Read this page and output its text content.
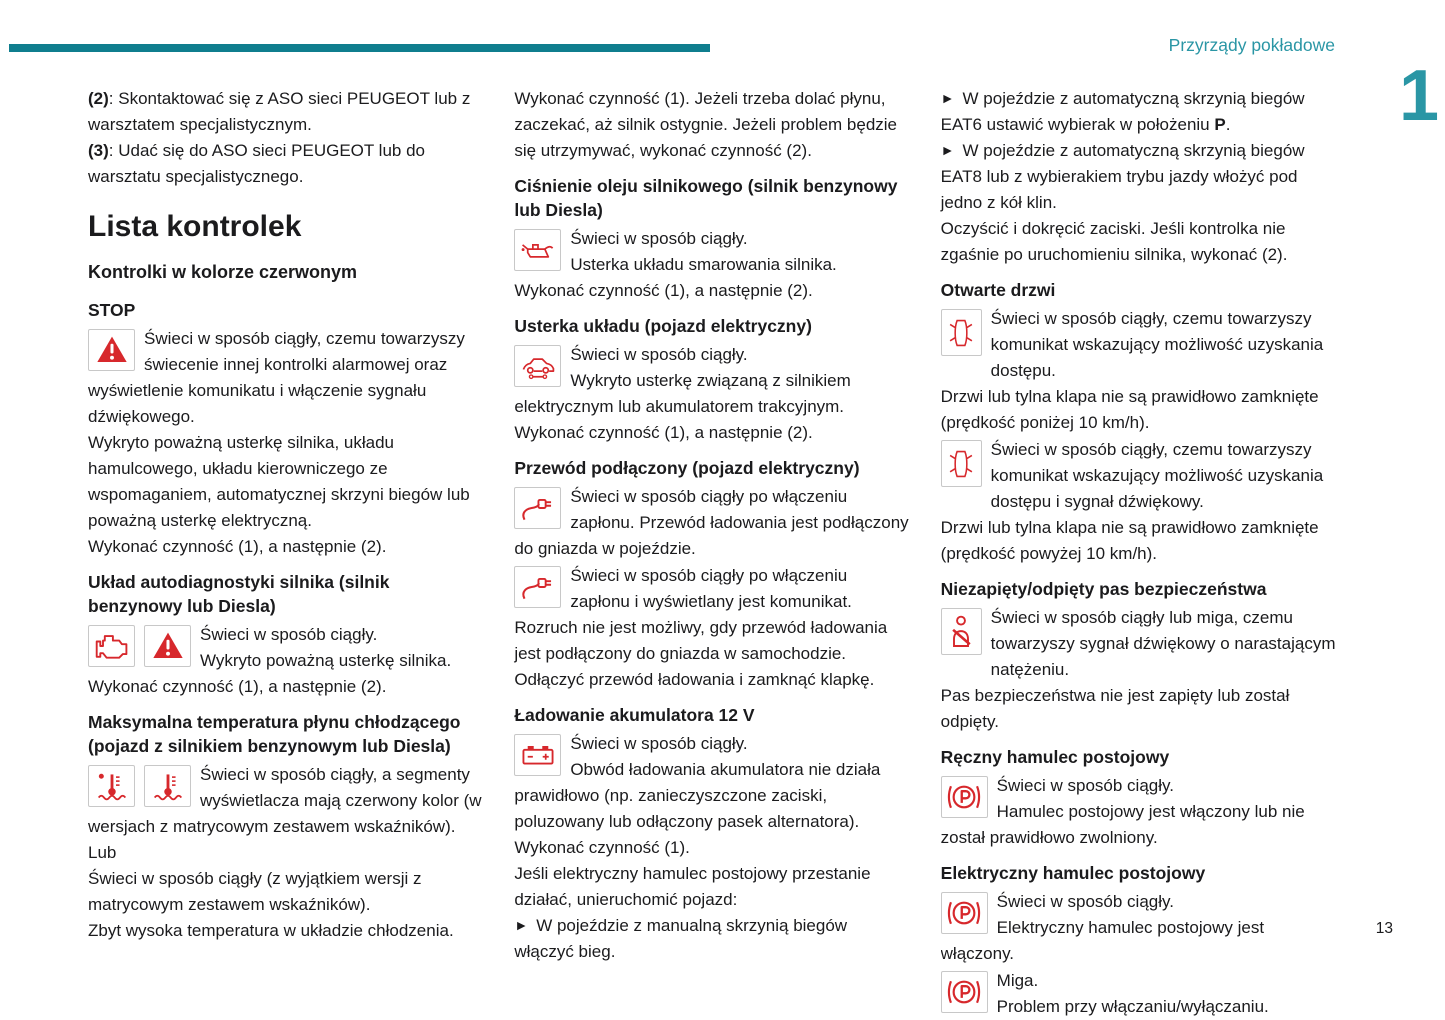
Przyrządy pokładowe
1

(2): Skontaktować się z ASO sieci PEUGEOT lub z warsztatem specjalistycznym.

(3): Udać się do ASO sieci PEUGEOT lub do warsztatu specjalistycznego.

Lista kontrolek
Kontrolki w kolorze czerwonym
STOP
Świeci w sposób ciągły, czemu towarzyszy świecenie innej kontrolki alarmowej oraz wyświetlenie komunikatu i włączenie sygnału dźwiękowego.

Wykryto poważną usterkę silnika, układu hamulcowego, układu kierowniczego ze wspomaganiem, automatycznej skrzyni biegów lub poważną usterkę elektryczną.

Wykonać czynność (1), a następnie (2).

Układ autodiagnostyki silnika (silnik benzynowy lub Diesla)
Świeci w sposób ciągły.
Wykryto poważną usterkę silnika.

Wykonać czynność (1), a następnie (2).

Maksymalna temperatura płynu chłodzącego (pojazd z silnikiem benzynowym lub Diesla)
Świeci w sposób ciągły, a segmenty wyświetlacza mają czerwony kolor (w wersjach z matrycowym zestawem wskaźników).

Lub

Świeci w sposób ciągły (z wyjątkiem wersji z matrycowym zestawem wskaźników).

Zbyt wysoka temperatura w układzie chłodzenia.

Wykonać czynność (1). Jeżeli trzeba dolać płynu, zaczekać, aż silnik ostygnie. Jeżeli problem będzie się utrzymywać, wykonać czynność (2).

Ciśnienie oleju silnikowego (silnik benzynowy lub Diesla)
Świeci w sposób ciągły.
Usterka układu smarowania silnika.

Wykonać czynność (1), a następnie (2).

Usterka układu (pojazd elektryczny)
Świeci w sposób ciągły.
Wykryto usterkę związaną z silnikiem elektrycznym lub akumulatorem trakcyjnym.

Wykonać czynność (1), a następnie (2).

Przewód podłączony (pojazd elektryczny)
Świeci w sposób ciągły po włączeniu zapłonu. Przewód ładowania jest podłączony do gniazda w pojeździe.
Świeci w sposób ciągły po włączeniu zapłonu i wyświetlany jest komunikat.

Rozruch nie jest możliwy, gdy przewód ładowania jest podłączony do gniazda w samochodzie.

Odłączyć przewód ładowania i zamknąć klapkę.

Ładowanie akumulatora 12 V
Świeci w sposób ciągły.
Obwód ładowania akumulatora nie działa prawidłowo (np. zanieczyszczone zaciski, poluzowany lub odłączony pasek alternatora).

Wykonać czynność (1).

Jeśli elektryczny hamulec postojowy przestanie działać, unieruchomić pojazd:

► W pojeździe z manualną skrzynią biegów włączyć bieg.

► W pojeździe z automatyczną skrzynią biegów EAT6 ustawić wybierak w położeniu P.

► W pojeździe z automatyczną skrzynią biegów EAT8 lub z wybierakiem trybu jazdy włożyć pod jedno z kół klin.

Oczyścić i dokręcić zaciski. Jeśli kontrolka nie zgaśnie po uruchomieniu silnika, wykonać (2).

Otwarte drzwi
Świeci w sposób ciągły, czemu towarzyszy komunikat wskazujący możliwość uzyskania dostępu.

Drzwi lub tylna klapa nie są prawidłowo zamknięte (prędkość poniżej 10 km/h).

Świeci w sposób ciągły, czemu towarzyszy komunikat wskazujący możliwość uzyskania dostępu i sygnał dźwiękowy.

Drzwi lub tylna klapa nie są prawidłowo zamknięte (prędkość powyżej 10 km/h).

Niezapięty/odpięty pas bezpieczeństwa
Świeci w sposób ciągły lub miga, czemu towarzyszy sygnał dźwiękowy o narastającym natężeniu.

Pas bezpieczeństwa nie jest zapięty lub został odpięty.

Ręczny hamulec postojowy
Świeci w sposób ciągły.
Hamulec postojowy jest włączony lub nie został prawidłowo zwolniony.
Elektryczny hamulec postojowy
Świeci w sposób ciągły.
Elektryczny hamulec postojowy jest włączony.
Miga.
Problem przy włączaniu/wyłączaniu.
13
